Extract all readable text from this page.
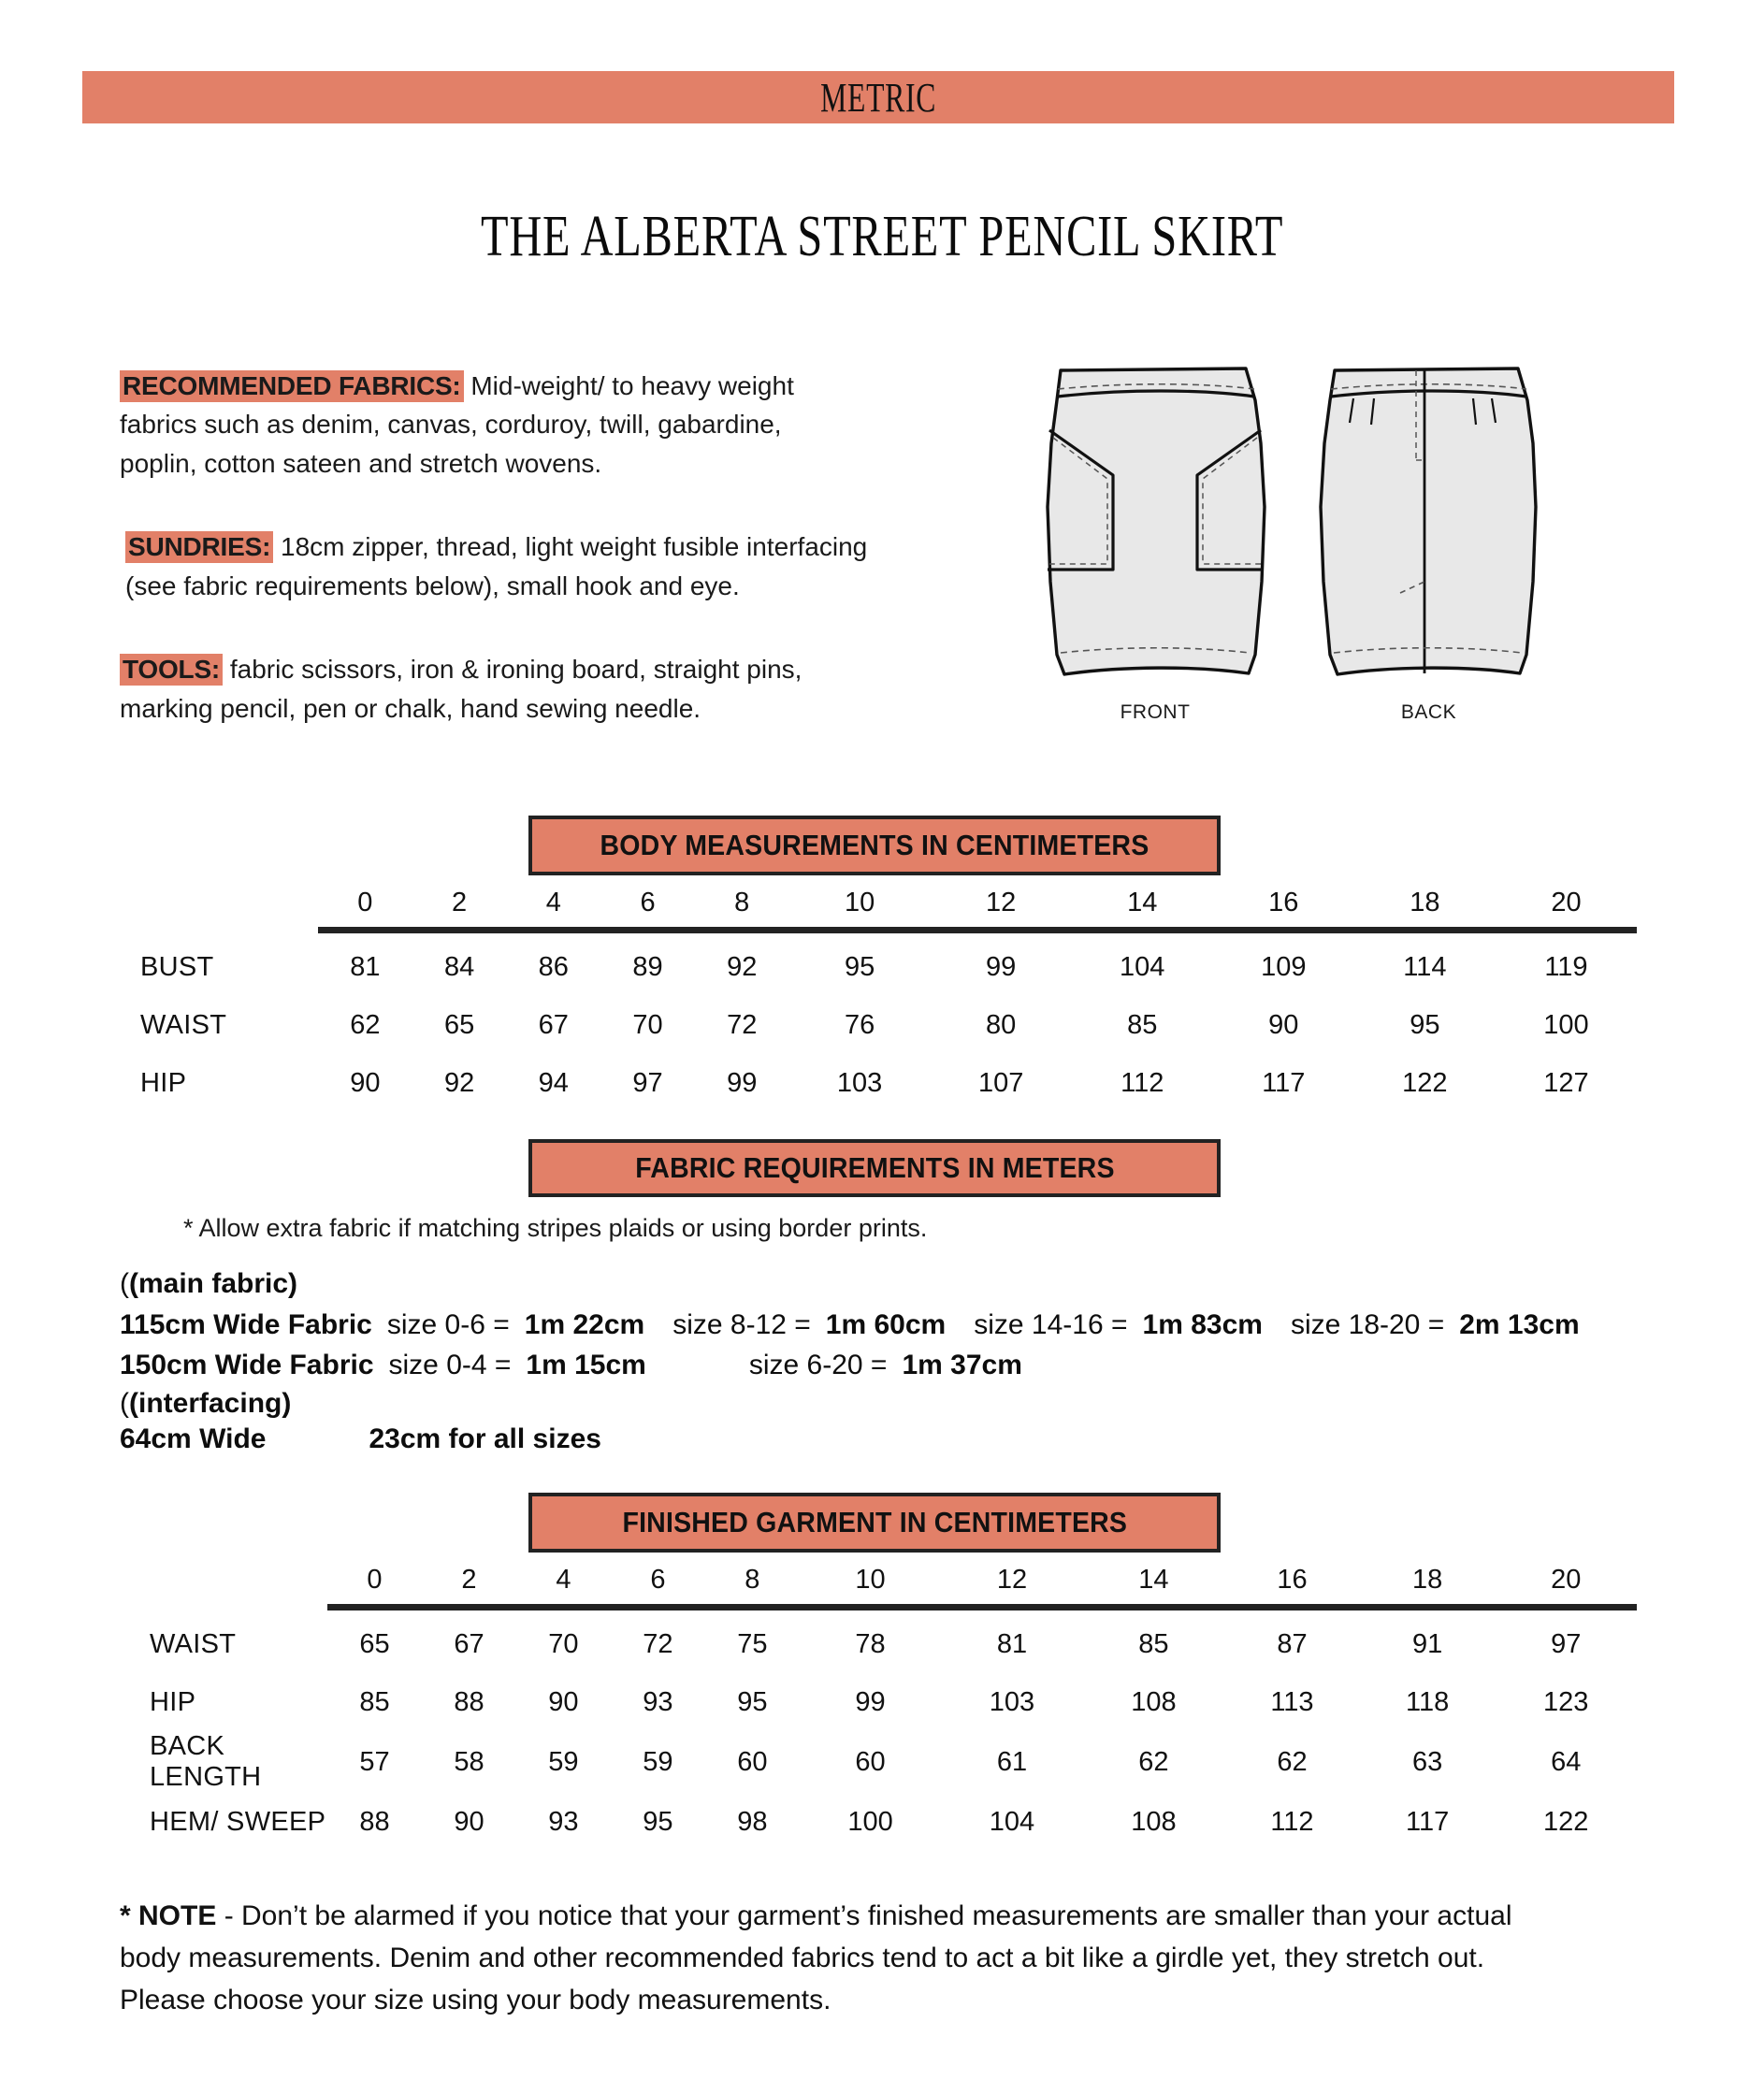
METRIC
THE ALBERTA STREET PENCIL SKIRT
RECOMMENDED FABRICS: Mid-weight/ to heavy weight
fabrics such as denim, canvas, corduroy, twill, gabardine,
poplin, cotton sateen and stretch wovens.
SUNDRIES: 18cm zipper, thread, light weight fusible interfacing
(see fabric requirements below), small hook and eye.
TOOLS: fabric scissors, iron & ironing board, straight pins,
marking pencil, pen or chalk, hand sewing needle.	FRONT	BACK
BODY MEASUREMENTS IN CENTIMETERS
	0	2	4	6	8	10	12	14	16	18	20

BUST	81	84	86	89	92	95	99	104	109	114	119
WAIST	62	65	67	70	72	76	80	85	90	95	100
HIP	90	92	94	97	99	103	107	112	117	122	127
FABRIC REQUIREMENTS IN METERS
* Allow extra fabric if matching stripes plaids or using border prints.
((main fabric)
115cm Wide Fabric size 0-6 = 1m 22cm size 8-12 = 1m 60cm size 14-16 = 1m 83cm size 18-20 = 2m 13cm
150cm Wide Fabric size 0-4 = 1m 15cm	size 6-20 = 1m 37cm
((interfacing)
64cm Wide	23cm for all sizes
FINISHED GARMENT IN CENTIMETERS
	0	2	4	6	8	10	12	14	16	18	20

WAIST	65	67	70	72	75	78	81	85	87	91	97
HIP	85	88	90	93	95	99	103	108	113	118	123
BACK LENGTH	57	58	59	59	60	60	61	62	62	63	64
HEM/ SWEEP	88	90	93	95	98	100	104	108	112	117	122
* NOTE - Don’t be alarmed if you notice that your garment’s finished measurements are smaller than your actual
body measurements. Denim and other recommended fabrics tend to act a bit like a girdle yet, they stretch out.
Please choose your size using your body measurements.
